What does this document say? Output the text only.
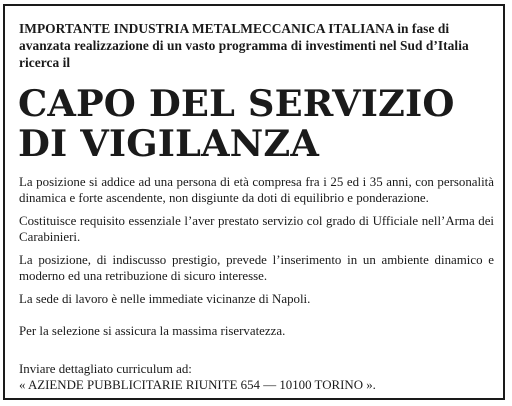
IMPORTANTE INDUSTRIA METALMECCANICA ITALIANA in fase di
avanzata realizzazione di un vasto programma di investimenti nel Sud d’Italia
ricerca il
CAPO DEL SERVIZIO
DI VIGILANZA

La posizione si addice ad una persona di età compresa fra i 25 ed i 35 anni, con personalità dinamica e forte ascendente, non disgiunte da doti di equilibrio e ponderazione.

Costituisce requisito essenziale l’aver prestato servizio col grado di Ufficiale nell’Arma dei Carabinieri.

La posizione, di indiscusso prestigio, prevede l’inserimento in un ambiente dinamico e moderno ed una retribuzione di sicuro interesse.

La sede di lavoro è nelle immediate vicinanze di Napoli.

Per la selezione si assicura la massima riservatezza.

Inviare dettagliato curriculum ad:

« AZIENDE PUBBLICITARIE RIUNITE 654 — 10100 TORINO ».
